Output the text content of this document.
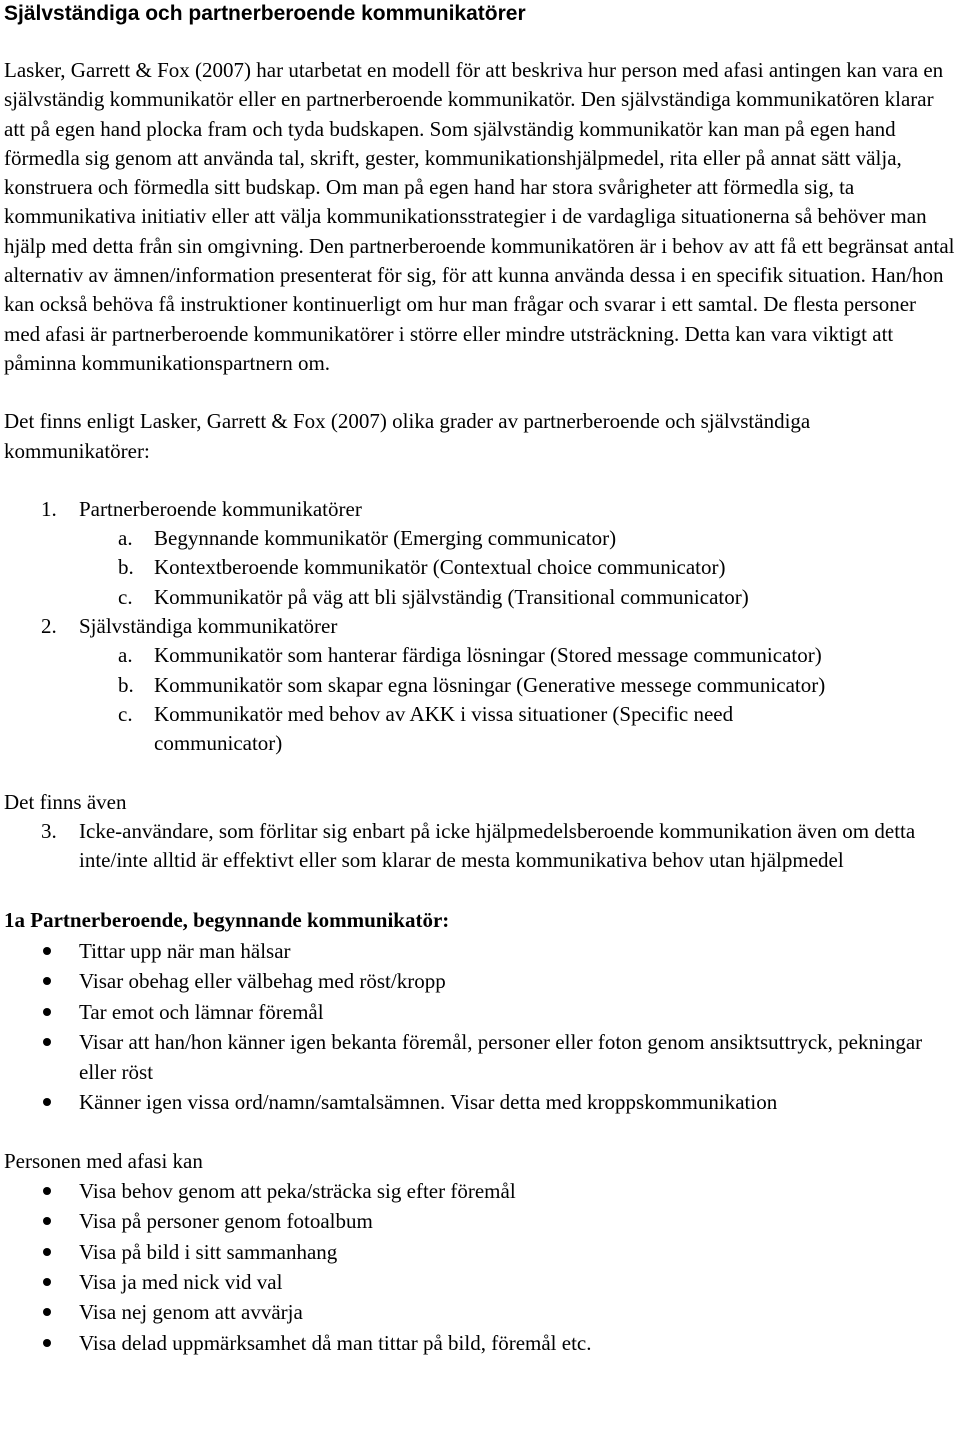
Självständiga och partnerberoende kommunikatörer

Lasker, Garrett & Fox (2007) har utarbetat en modell för att beskriva hur person med afasi antingen kan vara en självständig kommunikatör eller en partnerberoende kommunikatör. Den självständiga kommunikatören klarar att på egen hand plocka fram och tyda budskapen. Som självständig kommunikatör kan man på egen hand förmedla sig genom att använda tal, skrift, gester, kommunikationshjälpmedel, rita eller på annat sätt välja, konstruera och förmedla sitt budskap. Om man på egen hand har stora svårigheter att förmedla sig, ta kommunikativa initiativ eller att välja kommunikationsstrategier i de vardagliga situationerna så behöver man hjälp med detta från sin omgivning. Den partnerberoende kommunikatören är i behov av att få ett begränsat antal alternativ av ämnen/information presenterat för sig, för att kunna använda dessa i en specifik situation. Han/hon kan också behöva få instruktioner kontinuerligt om hur man frågar och svarar i ett samtal. De flesta personer med afasi är partnerberoende kommunikatörer i större eller mindre utsträckning. Detta kan vara viktigt att påminna kommunikationspartnern om.

Det finns enligt Lasker, Garrett & Fox (2007) olika grader av partnerberoende och självständiga kommunikatörer:

1. Partnerberoende kommunikatörer
a. Begynnande kommunikatör (Emerging communicator)
b. Kontextberoende kommunikatör (Contextual choice communicator)
c. Kommunikatör på väg att bli självständig (Transitional communicator)
2. Självständiga kommunikatörer
a. Kommunikatör som hanterar färdiga lösningar (Stored message communicator)
b. Kommunikatör som skapar egna lösningar (Generative messege communicator)
c. Kommunikatör med behov av AKK i vissa situationer (Specific need communicator)

Det finns även

3. Icke-användare, som förlitar sig enbart på icke hjälpmedelsberoende kommunikation även om detta inte/inte alltid är effektivt eller som klarar de mesta kommunikativa behov utan hjälpmedel

1a Partnerberoende, begynnande kommunikatör:

Tittar upp när man hälsar
Visar obehag eller välbehag med röst/kropp
Tar emot och lämnar föremål
Visar att han/hon känner igen bekanta föremål, personer eller foton genom ansiktsuttryck, pekningar eller röst
Känner igen vissa ord/namn/samtalsämnen. Visar detta med kroppskommunikation

Personen med afasi kan

Visa behov genom att peka/sträcka sig efter föremål
Visa på personer genom fotoalbum
Visa på bild i sitt sammanhang
Visa ja med nick vid val
Visa nej genom att avvärja
Visa delad uppmärksamhet då man tittar på bild, föremål etc.
